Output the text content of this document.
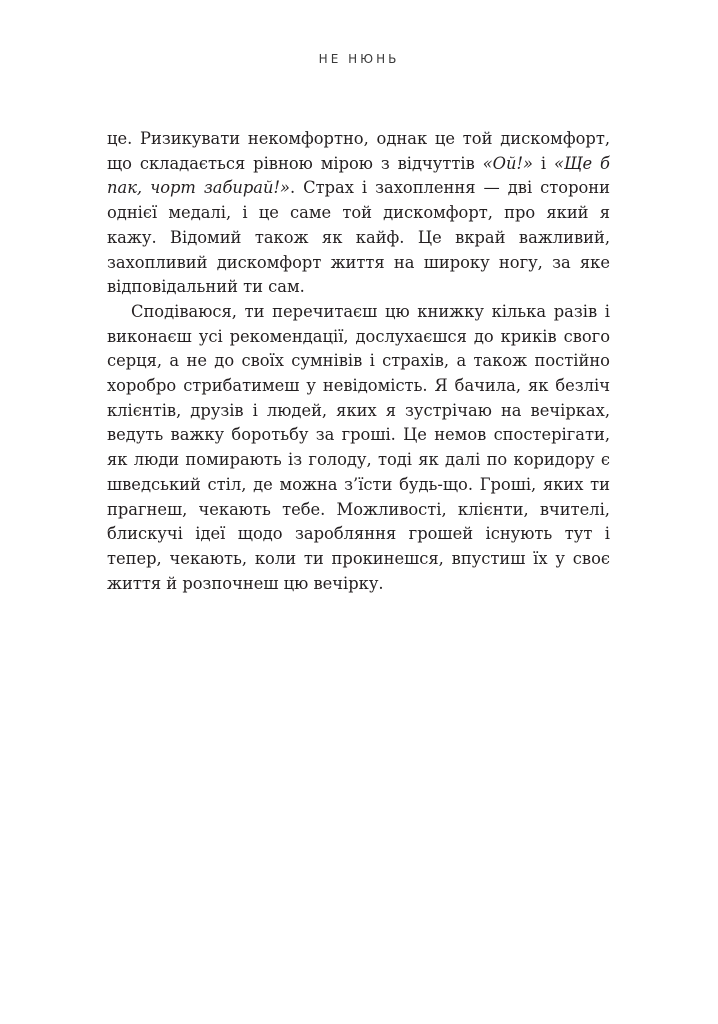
НЕ НЮНЬ

це. Ризикувати некомфортно, однак це той дискомфорт, що складається рівною мірою з відчуттів «Ой!» і «Ще б пак, чорт забирай!». Страх і захоплення — дві сторони однієї медалі, і це саме той дискомфорт, про який я кажу. Відомий також як кайф. Це вкрай важливий, захопливий дискомфорт життя на широку ногу, за яке відповідальний ти сам.

Сподіваюся, ти перечитаєш цю книжку кілька разів і виконаєш усі рекомендації, дослухаєшся до криків свого серця, а не до своїх сумнівів і страхів, а також постійно хоробро стрибатимеш у невідомість. Я бачила, як безліч клієнтів, друзів і людей, яких я зустрічаю на вечірках, ведуть важку боротьбу за гроші. Це немов спостерігати, як люди помирають із голоду, тоді як далі по коридору є шведський стіл, де можна з’їсти будь-що. Гроші, яких ти прагнеш, чекають тебе. Можливості, клієнти, вчителі, блискучі ідеї щодо заробляння грошей існують тут і тепер, чекають, коли ти прокинешся, впустиш їх у своє життя й розпочнеш цю вечірку.
